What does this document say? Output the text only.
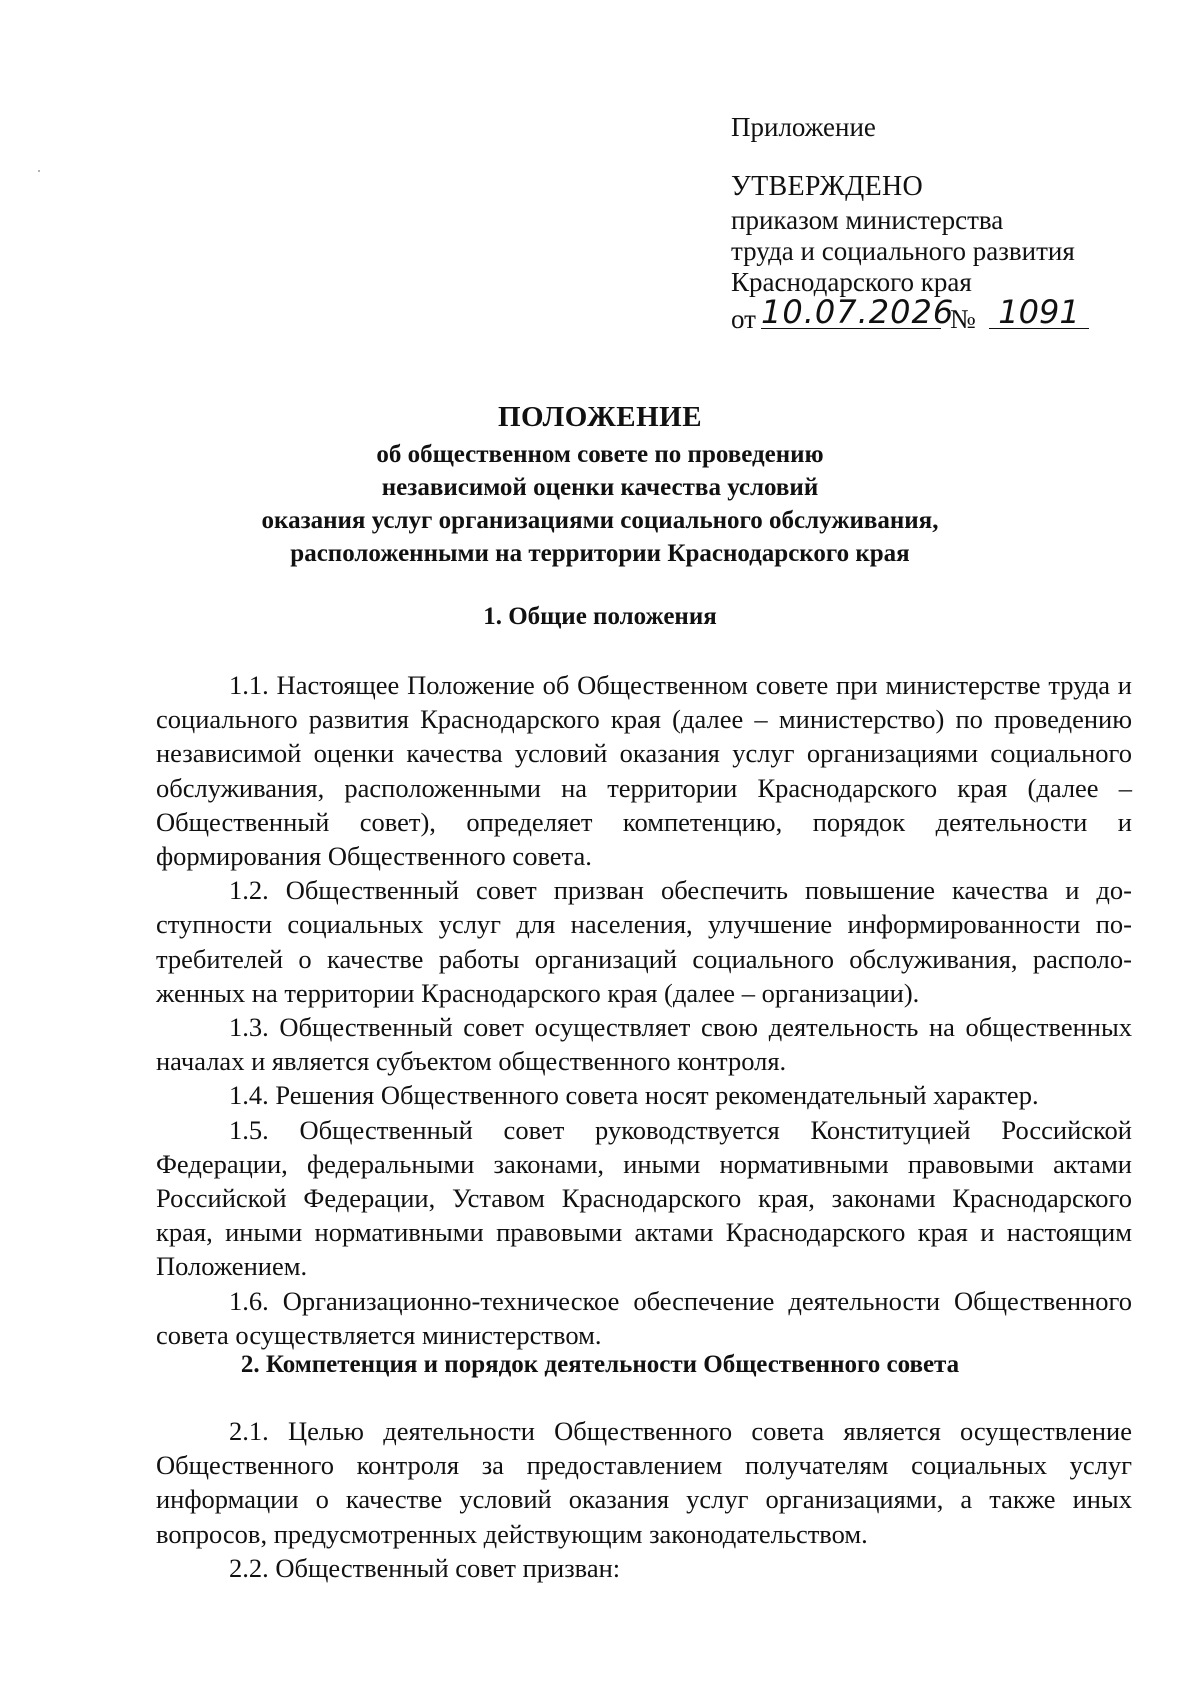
Приложение
УТВЕРЖДЕНО
приказом министерства
труда и социального развития
Краснодарского края
от 10.07.2026
№ 1091
ПОЛОЖЕНИЕ
об общественном совете по проведению
независимой оценки качества условий
оказания услуг организациями социального обслуживания,
расположенными на территории Краснодарского края
1. Общие положения

1.1. Настоящее Положение об Общественном совете при министерстве труда и социального развития Краснодарского края (далее – министерство) по проведению независимой оценки качества условий оказания услуг организациями социального обслуживания, расположенными на территории Краснодарского края (далее – Общественный совет), определяет компетенцию, порядок деятельности и формирования Общественного совета.

1.2. Общественный совет призван обеспечить повышение качества и доступности социальных услуг для населения, улучшение информированности потребителей о качестве работы организаций социального обслуживания, расположенных на территории Краснодарского края (далее – организации).

1.3. Общественный совет осуществляет свою деятельность на общественных началах и является субъектом общественного контроля.

1.4. Решения Общественного совета носят рекомендательный характер.

1.5. Общественный совет руководствуется Конституцией Российской Федерации, федеральными законами, иными нормативными правовыми актами Российской Федерации, Уставом Краснодарского края, законами Краснодарского края, иными нормативными правовыми актами Краснодарского края и настоящим Положением.

1.6. Организационно-техническое обеспечение деятельности Общественного совета осуществляется министерством.

2. Компетенция и порядок деятельности Общественного совета

2.1. Целью деятельности Общественного совета является осуществление Общественного контроля за предоставлением получателям социальных услуг информации о качестве условий оказания услуг организациями, а также иных вопросов, предусмотренных действующим законодательством.

2.2. Общественный совет призван:
